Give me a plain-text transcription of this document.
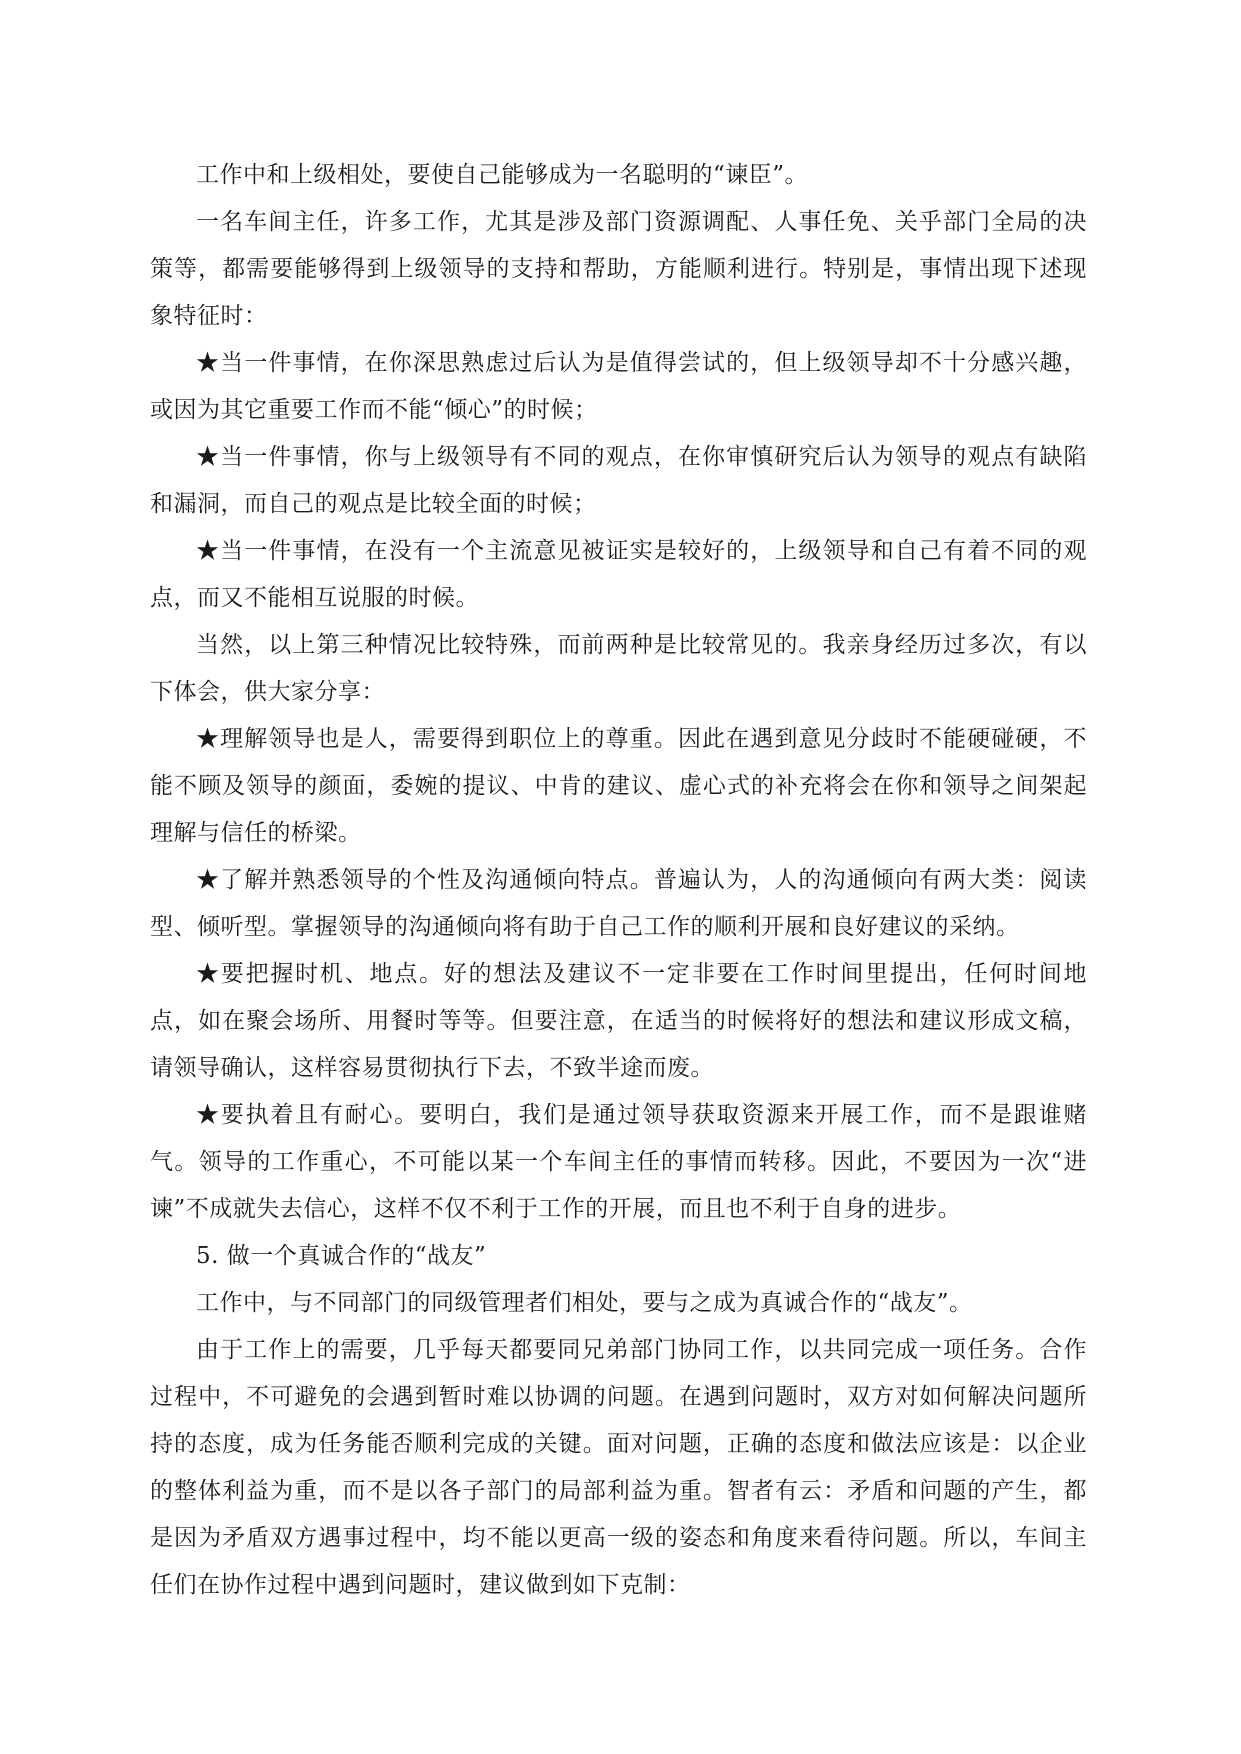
工作中和上级相处，要使自己能够成为一名聪明的“谏臣”。

一名车间主任，许多工作，尤其是涉及部门资源调配、人事任免、关乎部门全局的决策等，都需要能够得到上级领导的支持和帮助，方能顺利进行。特别是，事情出现下述现象特征时：

★当一件事情，在你深思熟虑过后认为是值得尝试的，但上级领导却不十分感兴趣，或因为其它重要工作而不能“倾心”的时候；

★当一件事情，你与上级领导有不同的观点，在你审慎研究后认为领导的观点有缺陷和漏洞，而自己的观点是比较全面的时候；

★当一件事情，在没有一个主流意见被证实是较好的，上级领导和自己有着不同的观点，而又不能相互说服的时候。

当然，以上第三种情况比较特殊，而前两种是比较常见的。我亲身经历过多次，有以下体会，供大家分享：

★理解领导也是人，需要得到职位上的尊重。因此在遇到意见分歧时不能硬碰硬，不能不顾及领导的颜面，委婉的提议、中肯的建议、虚心式的补充将会在你和领导之间架起理解与信任的桥梁。

★了解并熟悉领导的个性及沟通倾向特点。普遍认为，人的沟通倾向有两大类：阅读型、倾听型。掌握领导的沟通倾向将有助于自己工作的顺利开展和良好建议的采纳。

★要把握时机、地点。好的想法及建议不一定非要在工作时间里提出，任何时间地点，如在聚会场所、用餐时等等。但要注意，在适当的时候将好的想法和建议形成文稿，请领导确认，这样容易贯彻执行下去，不致半途而废。

★要执着且有耐心。要明白，我们是通过领导获取资源来开展工作，而不是跟谁赌气。领导的工作重心，不可能以某一个车间主任的事情而转移。因此，不要因为一次“进谏”不成就失去信心，这样不仅不利于工作的开展，而且也不利于自身的进步。

5. 做一个真诚合作的“战友”

工作中，与不同部门的同级管理者们相处，要与之成为真诚合作的“战友”。

由于工作上的需要，几乎每天都要同兄弟部门协同工作，以共同完成一项任务。合作过程中，不可避免的会遇到暂时难以协调的问题。在遇到问题时，双方对如何解决问题所持的态度，成为任务能否顺利完成的关键。面对问题，正确的态度和做法应该是：以企业的整体利益为重，而不是以各子部门的局部利益为重。智者有云：矛盾和问题的产生，都是因为矛盾双方遇事过程中，均不能以更高一级的姿态和角度来看待问题。所以，车间主任们在协作过程中遇到问题时，建议做到如下克制：
